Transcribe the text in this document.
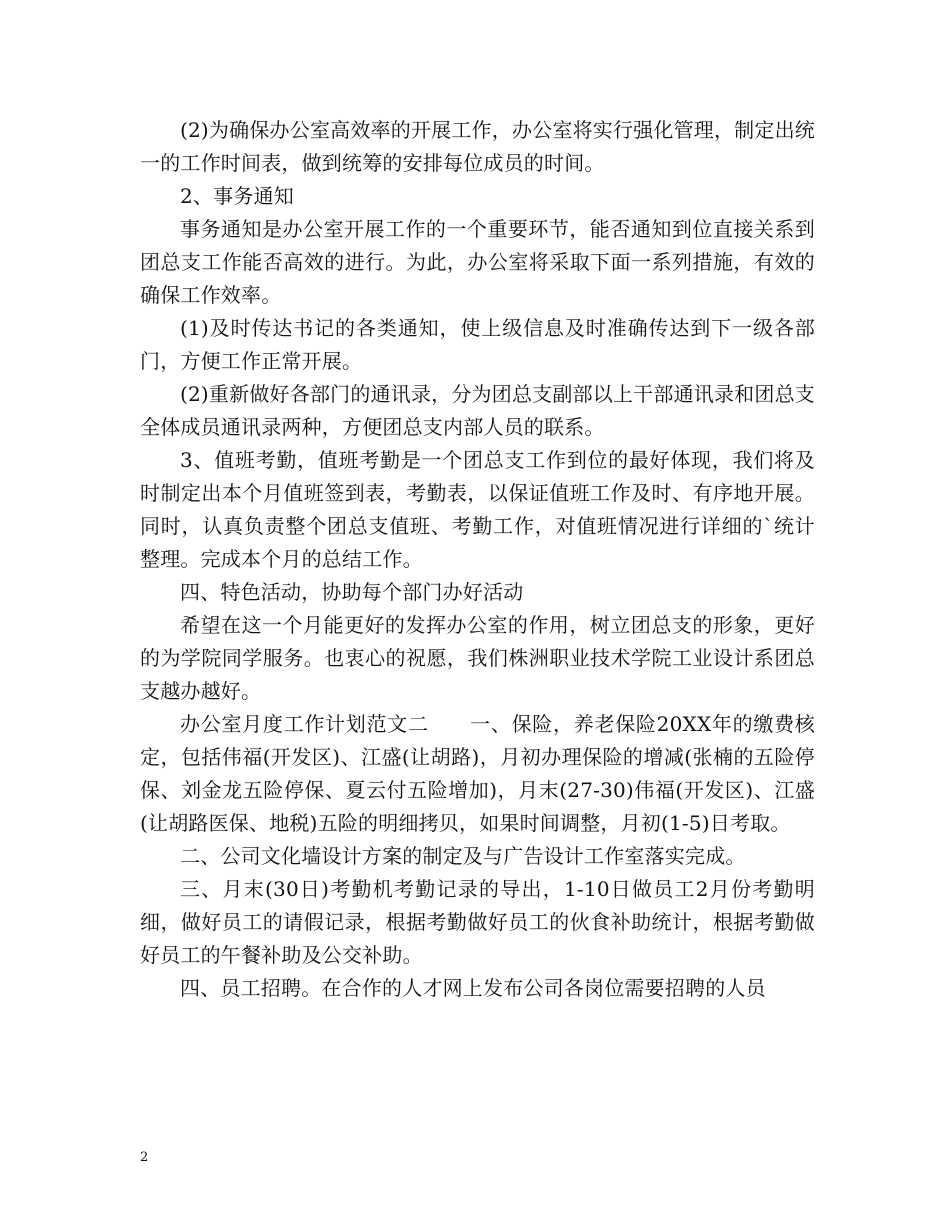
(2)为确保办公室高效率的开展工作，办公室将实行强化管理，制定出统一的工作时间表，做到统筹的安排每位成员的时间。

2、事务通知

事务通知是办公室开展工作的一个重要环节，能否通知到位直接关系到团总支工作能否高效的进行。为此，办公室将采取下面一系列措施，有效的确保工作效率。

(1)及时传达书记的各类通知，使上级信息及时准确传达到下一级各部门，方便工作正常开展。

(2)重新做好各部门的通讯录，分为团总支副部以上干部通讯录和团总支全体成员通讯录两种，方便团总支内部人员的联系。

3、值班考勤，值班考勤是一个团总支工作到位的最好体现，我们将及时制定出本个月值班签到表，考勤表，以保证值班工作及时、有序地开展。同时，认真负责整个团总支值班、考勤工作，对值班情况进行详细的`统计整理。完成本个月的总结工作。

四、特色活动，协助每个部门办好活动

希望在这一个月能更好的发挥办公室的作用，树立团总支的形象，更好的为学院同学服务。也衷心的祝愿，我们株洲职业技术学院工业设计系团总支越办越好。

办公室月度工作计划范文二　　一、保险，养老保险20XX年的缴费核定，包括伟福(开发区)、江盛(让胡路)，月初办理保险的增减(张楠的五险停保、刘金龙五险停保、夏云付五险增加)，月末(27-30)伟福(开发区)、江盛(让胡路医保、地税)五险的明细拷贝，如果时间调整，月初(1-5)日考取。

二、公司文化墙设计方案的制定及与广告设计工作室落实完成。

三、月末(30日)考勤机考勤记录的导出，1-10日做员工2月份考勤明细，做好员工的请假记录，根据考勤做好员工的伙食补助统计，根据考勤做好员工的午餐补助及公交补助。

四、员工招聘。在合作的人才网上发布公司各岗位需要招聘的人员

2
